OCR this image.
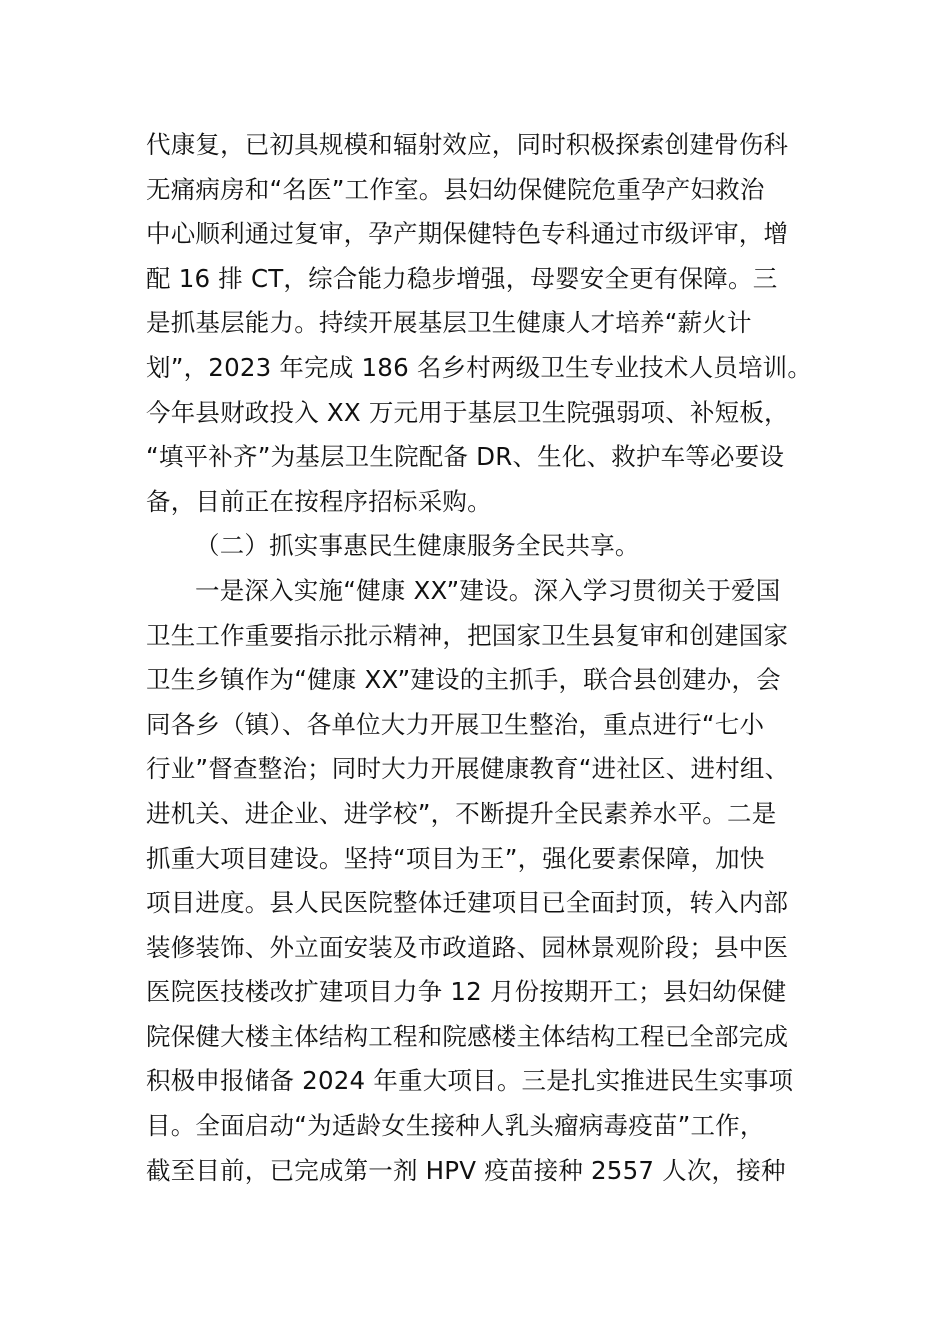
代康复，已初具规模和辐射效应，同时积极探索创建骨伤科
无痛病房和“名医”工作室。县妇幼保健院危重孕产妇救治
中心顺利通过复审，孕产期保健特色专科通过市级评审，增
配 16 排 CT，综合能力稳步增强，母婴安全更有保障。三
是抓基层能力。持续开展基层卫生健康人才培养“薪火计
划”，2023 年完成 186 名乡村两级卫生专业技术人员培训。
今年县财政投入 XX 万元用于基层卫生院强弱项、补短板，
“填平补齐”为基层卫生院配备 DR、生化、救护车等必要设
备，目前正在按程序招标采购。
（二）抓实事惠民生健康服务全民共享。
一是深入实施“健康 XX”建设。深入学习贯彻关于爱国
卫生工作重要指示批示精神，把国家卫生县复审和创建国家
卫生乡镇作为“健康 XX”建设的主抓手，联合县创建办，会
同各乡（镇）、各单位大力开展卫生整治，重点进行“七小
行业”督查整治；同时大力开展健康教育“进社区、进村组、
进机关、进企业、进学校”，不断提升全民素养水平。二是
抓重大项目建设。坚持“项目为王”，强化要素保障，加快
项目进度。县人民医院整体迁建项目已全面封顶，转入内部
装修装饰、外立面安装及市政道路、园林景观阶段；县中医
医院医技楼改扩建项目力争 12 月份按期开工；县妇幼保健
院保健大楼主体结构工程和院感楼主体结构工程已全部完成
积极申报储备 2024 年重大项目。三是扎实推进民生实事项
目。全面启动“为适龄女生接种人乳头瘤病毒疫苗”工作，
截至目前，已完成第一剂 HPV 疫苗接种 2557 人次，接种
